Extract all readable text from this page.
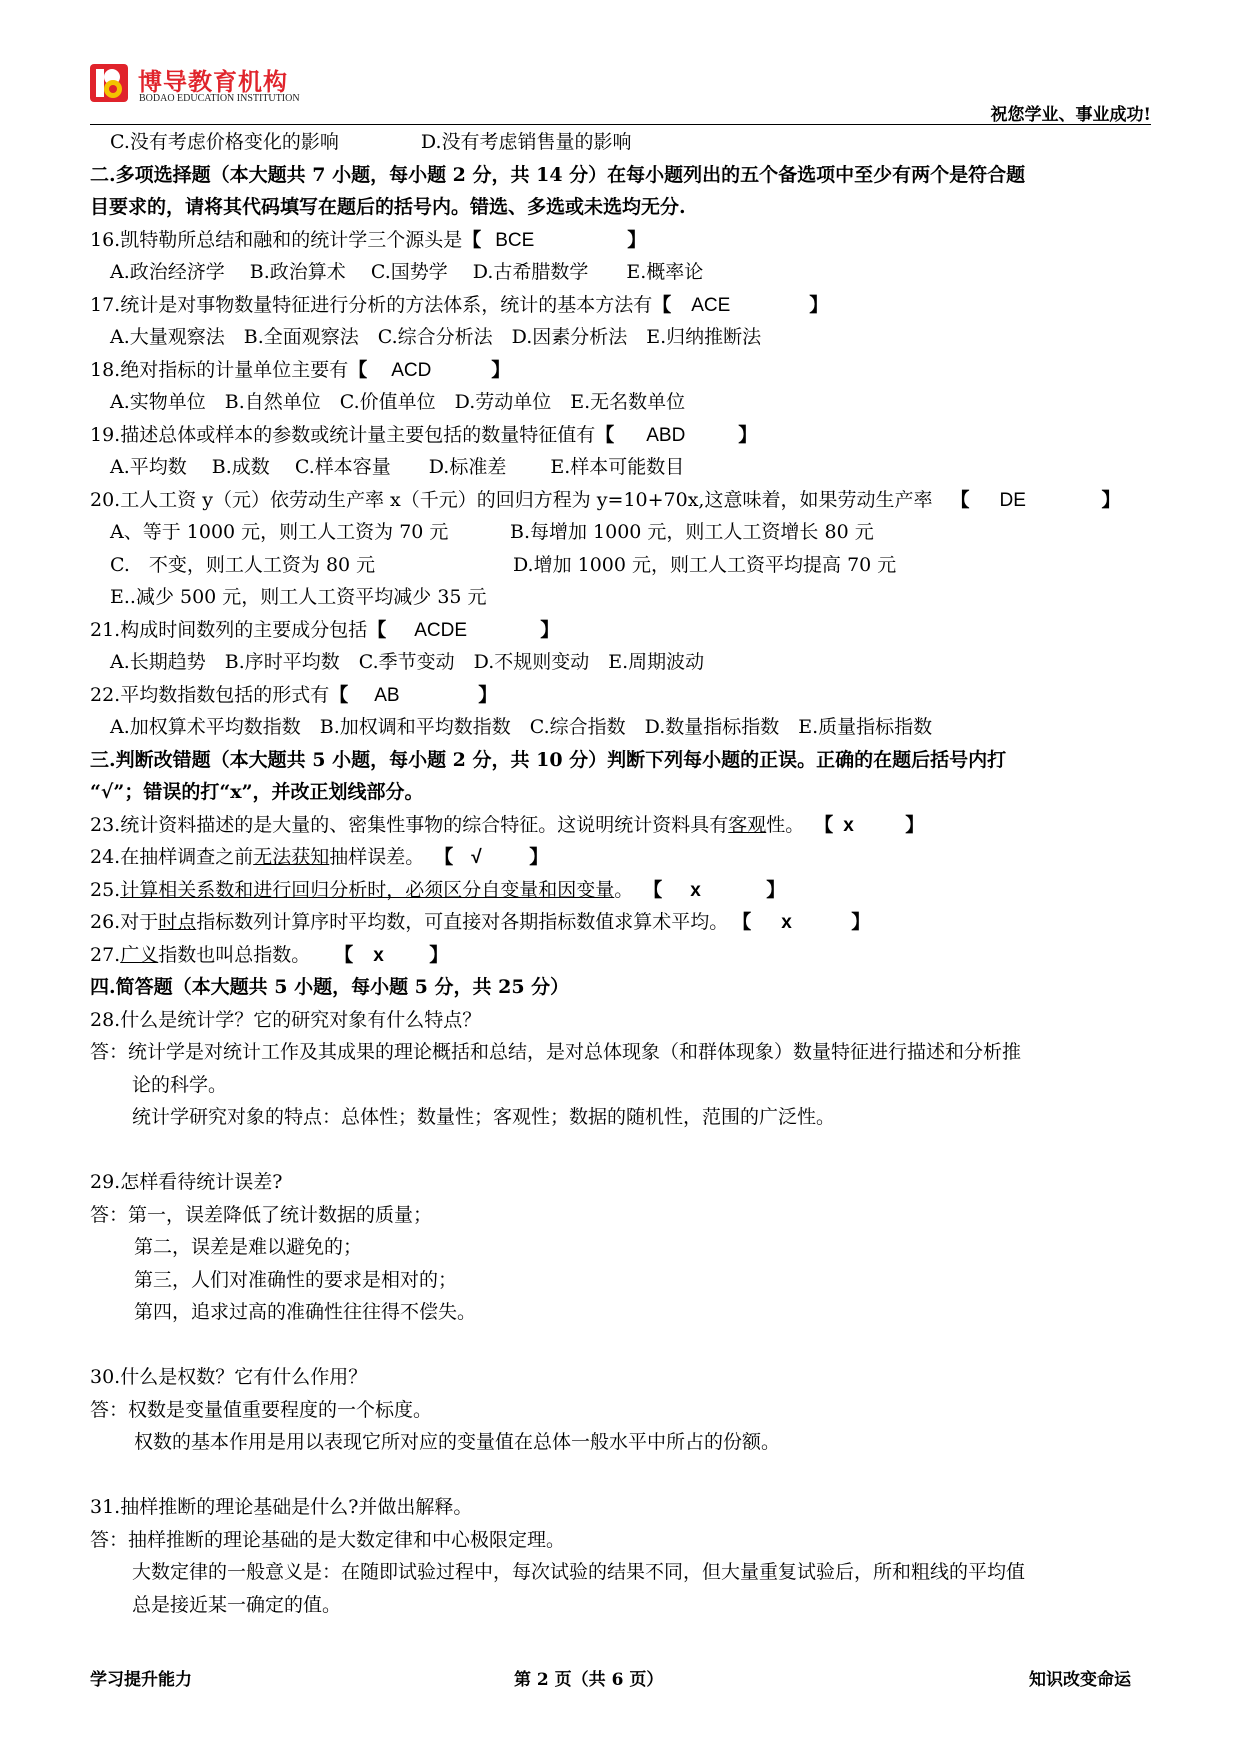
博导教育机构
BODAO EDUCATION INSTITUTION
祝您学业、事业成功!
C.没有考虑价格变化的影响	D.没有考虑销售量的影响
二.多项选择题（本大题共 7 小题，每小题 2 分，共 14 分）在每小题列出的五个备选项中至少有两个是符合题
目要求的，请将其代码填写在题后的括号内。错选、多选或未选均无分.
16.凯特勒所总结和融和的统计学三个源头是【 BCE	】
A.政治经济学　 B.政治算术　 C.国势学　 D.古希腊数学　　E.概率论
17.统计是对事物数量特征进行分析的方法体系，统计的基本方法有【 ACE	】
A.大量观察法　B.全面观察法　C.综合分析法　D.因素分析法　E.归纳推断法
18.绝对指标的计量单位主要有【 ACD	】
A.实物单位　B.自然单位　C.价值单位　D.劳动单位　E.无名数单位
19.描述总体或样本的参数或统计量主要包括的数量特征值有【 ABD	】
A.平均数　 B.成数　 C.样本容量　　D.标准差　　 E.样本可能数目
20.工人工资 y（元）依劳动生产率 x（千元）的回归方程为 y=10+70x,这意味着，如果劳动生产率 【 DE	】
A、等于 1000 元，则工人工资为 70 元	B.每增加 1000 元，则工人工资增长 80 元
C.　不变，则工人工资为 80 元	D.增加 1000 元，则工人工资平均提高 70 元
E..减少 500 元，则工人工资平均减少 35 元
21.构成时间数列的主要成分包括【 ACDE	】
A.长期趋势　B.序时平均数　C.季节变动　D.不规则变动　E.周期波动
22.平均数指数包括的形式有【 AB	】
A.加权算术平均数指数　B.加权调和平均数指数　C.综合指数　D.数量指标指数　E.质量指标指数
三.判断改错题（本大题共 5 小题，每小题 2 分，共 10 分）判断下列每小题的正误。正确的在题后括号内打
“√”；错误的打“x”，并改正划线部分。
23.统计资料描述的是大量的、密集性事物的综合特征。这说明统计资料具有客观性。 【 x	】
24.在抽样调查之前无法获知抽样误差。 【 √	】
25.计算相关系数和进行回归分析时，必须区分自变量和因变量。 【 x	】
26.对于时点指标数列计算序时平均数，可直接对各期指标数值求算术平均。 【 x	】
27.广义指数也叫总指数。 【 x 】
四.简答题（本大题共 5 小题，每小题 5 分，共 25 分）
28.什么是统计学？它的研究对象有什么特点？
答：统计学是对统计工作及其成果的理论概括和总结，是对总体现象（和群体现象）数量特征进行描述和分析推
论的科学。
统计学研究对象的特点：总体性；数量性；客观性；数据的随机性，范围的广泛性。
29.怎样看待统计误差?
答：第一，误差降低了统计数据的质量；
第二，误差是难以避免的；
第三，人们对准确性的要求是相对的；
第四，追求过高的准确性往往得不偿失。
30.什么是权数？它有什么作用？
答：权数是变量值重要程度的一个标度。
权数的基本作用是用以表现它所对应的变量值在总体一般水平中所占的份额。
31.抽样推断的理论基础是什么?并做出解释。
答：抽样推断的理论基础的是大数定律和中心极限定理。
大数定律的一般意义是：在随即试验过程中，每次试验的结果不同，但大量重复试验后，所和粗线的平均值
总是接近某一确定的值。
学习提升能力	第 2 页（共 6 页）	知识改变命运
